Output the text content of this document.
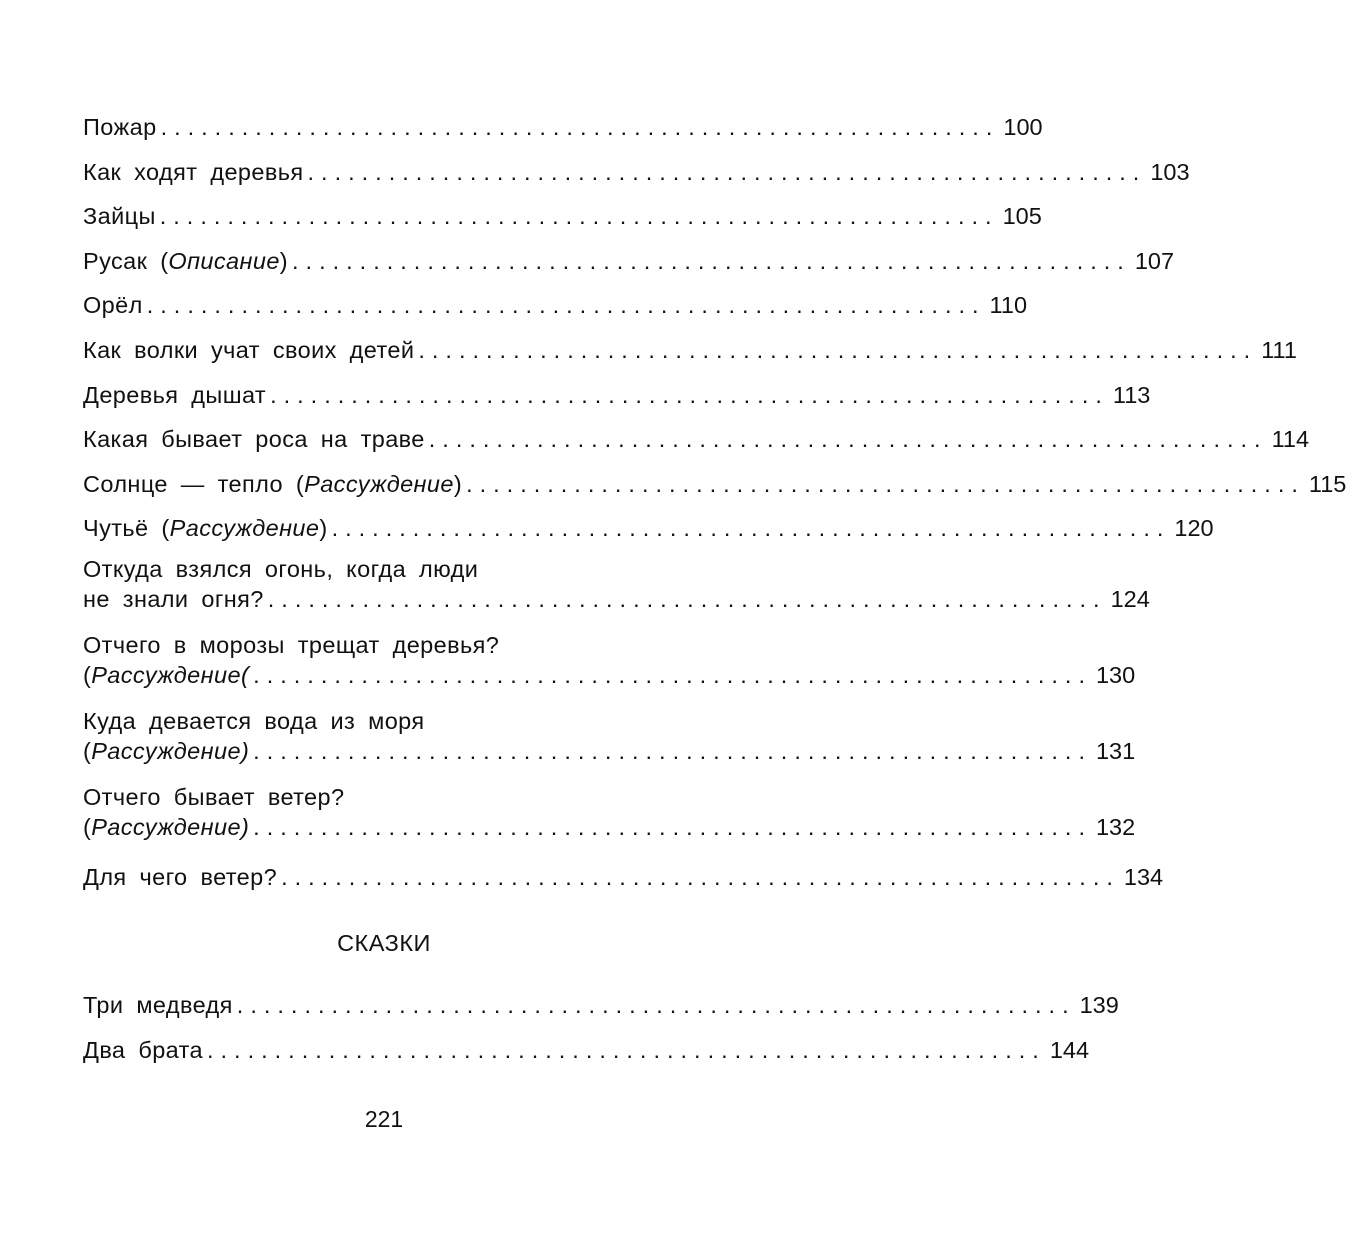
Пожар .............................................................. 100
Как ходят деревья .............................................................. 103
Зайцы .............................................................. 105
Русак (Описание) .............................................................. 107
Орёл .............................................................. 110
Как волки учат своих детей .............................................................. 111
Деревья дышат .............................................................. 113
Какая бывает роса на траве .............................................................. 114
Солнце — тепло (Рассуждение) .............................................................. 115
Чутьё (Рассуждение) .............................................................. 120
Откуда взялся огонь, когда люди
не знали огня? .............................................................. 124
Отчего в морозы трещат деревья?
(Рассуждение( .............................................................. 130
Куда девается вода из моря
(Рассуждение) .............................................................. 131
Отчего бывает ветер?
(Рассуждение) .............................................................. 132
Для чего ветер? .............................................................. 134
СКАЗКИ
Три медведя .............................................................. 139
Два брата .............................................................. 144
221
